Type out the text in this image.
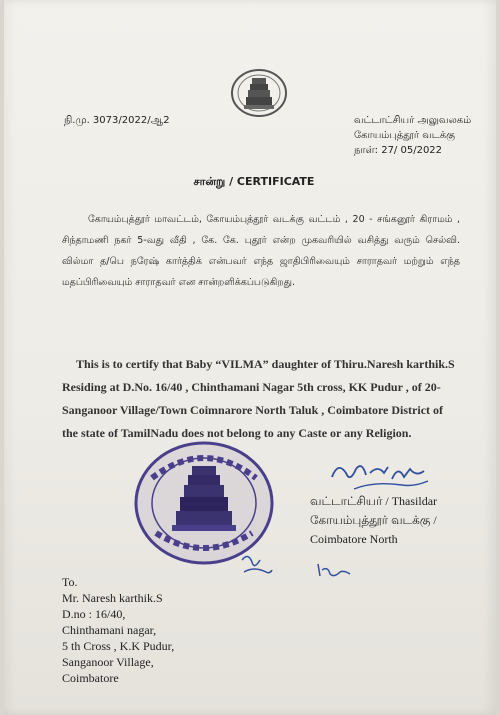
நி.மு. 3073/2022/ஆ2	வட்டாட்சியர் அலுவலகம்
கோயம்புத்தூர் வடக்கு
நாள்: 27/ 05/2022
சான்று / CERTIFICATE
கோயம்புத்தூர் மாவட்டம், கோயம்புத்தூர் வடக்கு வட்டம் , 20 - சங்கனூர் கிராமம் , சிந்தாமணி நகர் 5-வது வீதி , கே. கே. புதூர் என்ற முகவரியில் வசித்து வரும் செல்வி. வில்மா த/பெ நரேஷ் கார்த்திக் என்பவர் எந்த ஜாதிபிரிவையும் சாராதவர் மற்றும் எந்த மதப்பிரிவையும் சாராதவர் என சான்றளிக்கப்படுகிறது.
This is to certify that Baby “VILMA” daughter of Thiru.Naresh karthik.S Residing at D.No. 16/40 , Chinthamani Nagar 5th cross, KK Pudur , of 20-Sanganoor Village/Town Coimnarore North Taluk , Coimbatore District of the state of TamilNadu does not belong to any Caste or any Religion.
வட்டாட்சியர் / Thasildar
கோயம்புத்தூர் வடக்கு / Coimbatore North
To.
Mr. Naresh karthik.S
D.no : 16/40,
Chinthamani nagar,
5 th Cross , K.K Pudur,
Sanganoor Village,
Coimbatore
